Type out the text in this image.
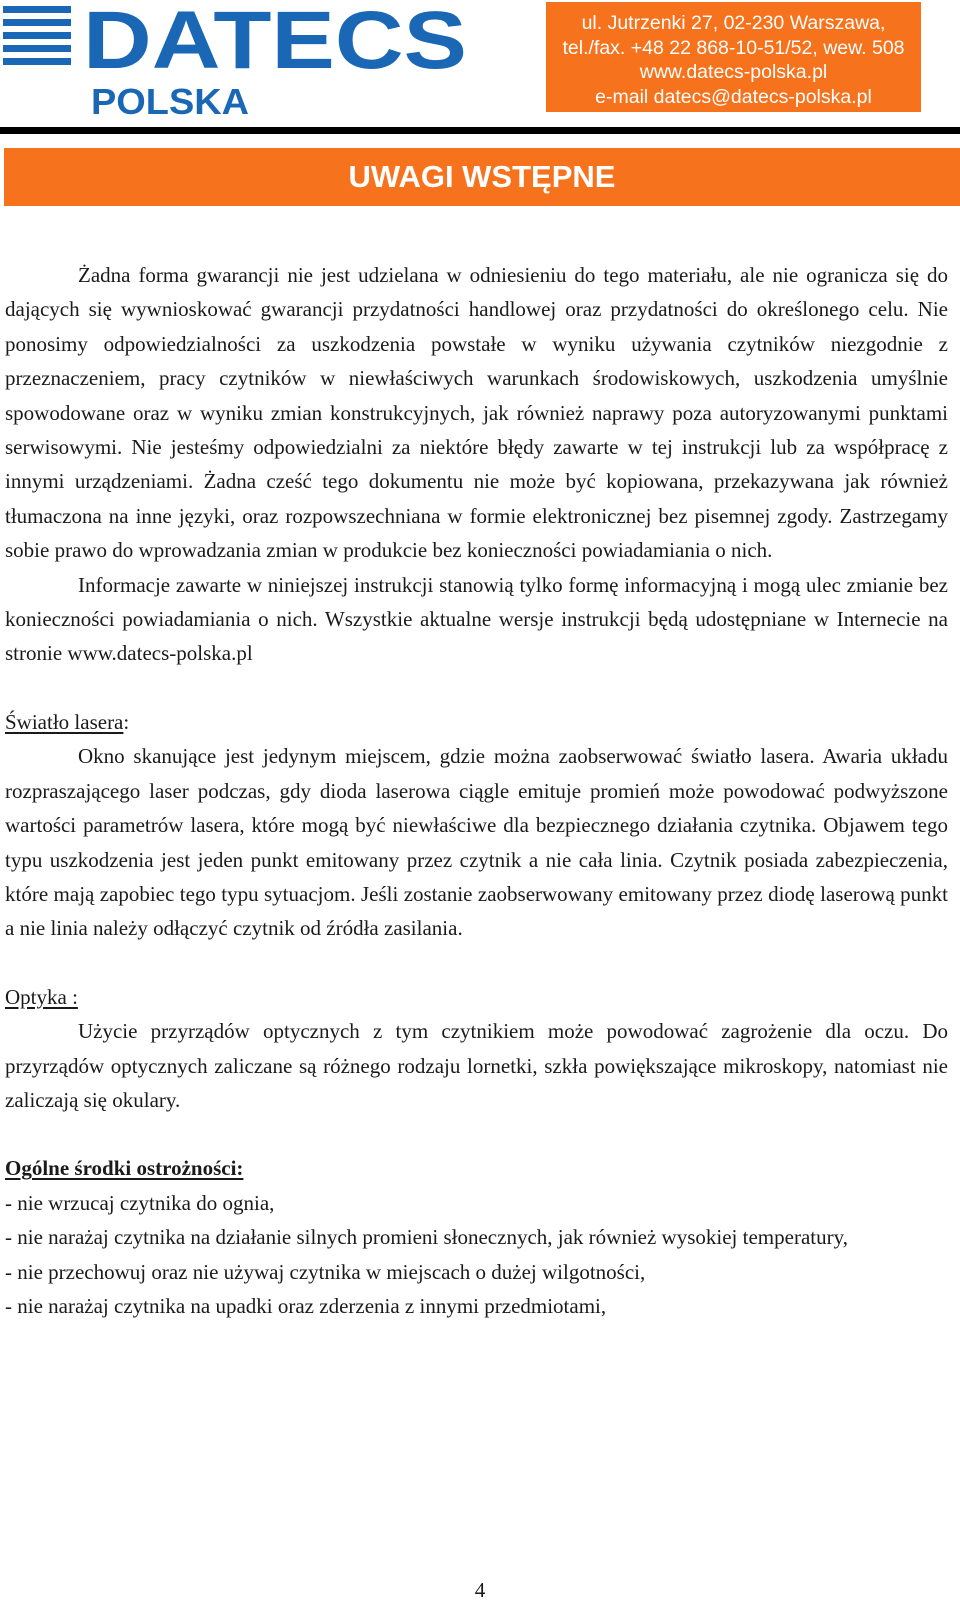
DATECS
POLSKA
ul. Jutrzenki 27, 02-230 Warszawa,
tel./fax. +48 22 868-10-51/52, wew. 508
www.datecs-polska.pl
e-mail datecs@datecs-polska.pl
UWAGI WSTĘPNE

Żadna forma gwarancji nie jest udzielana w odniesieniu do tego materiału, ale nie ogranicza się do dających się wywnioskować gwarancji przydatności handlowej oraz przydatności do określonego celu. Nie ponosimy odpowiedzialności za uszkodzenia powstałe w wyniku używania czytników niezgodnie z przeznaczeniem, pracy czytników w niewłaściwych warunkach środowiskowych, uszkodzenia umyślnie spowodowane oraz w wyniku zmian konstrukcyjnych, jak również naprawy poza autoryzowanymi punktami serwisowymi. Nie jesteśmy odpowiedzialni za niektóre błędy zawarte w tej instrukcji lub za współpracę z innymi urządzeniami. Żadna cześć tego dokumentu nie może być kopiowana, przekazywana jak również tłumaczona na inne języki, oraz rozpowszechniana w formie elektronicznej bez pisemnej zgody. Zastrzegamy sobie prawo do wprowadzania zmian w produkcie bez konieczności powiadamiania o nich.

Informacje zawarte w niniejszej instrukcji stanowią tylko formę informacyjną i mogą ulec zmianie bez konieczności powiadamiania o nich. Wszystkie aktualne wersje instrukcji będą udostępniane w Internecie na stronie www.datecs-polska.pl

Światło lasera:

Okno skanujące jest jedynym miejscem, gdzie można zaobserwować światło lasera. Awaria układu rozpraszającego laser podczas, gdy dioda laserowa ciągle emituje promień może powodować podwyższone wartości parametrów lasera, które mogą być niewłaściwe dla bezpiecznego działania czytnika. Objawem tego typu uszkodzenia jest jeden punkt emitowany przez czytnik a nie cała linia. Czytnik posiada zabezpieczenia, które mają zapobiec tego typu sytuacjom. Jeśli zostanie zaobserwowany emitowany przez diodę laserową punkt a nie linia należy odłączyć czytnik od źródła zasilania.

Optyka :

Użycie przyrządów optycznych z tym czytnikiem może powodować zagrożenie dla oczu. Do przyrządów optycznych zaliczane są różnego rodzaju lornetki, szkła powiększające mikroskopy, natomiast nie zaliczają się okulary.

Ogólne środki ostrożności:

- nie wrzucaj czytnika do ognia,

- nie narażaj czytnika na działanie silnych promieni słonecznych, jak również wysokiej temperatury,

- nie przechowuj oraz nie używaj czytnika w miejscach o dużej wilgotności,

- nie narażaj czytnika na upadki oraz zderzenia z innymi przedmiotami,

4
